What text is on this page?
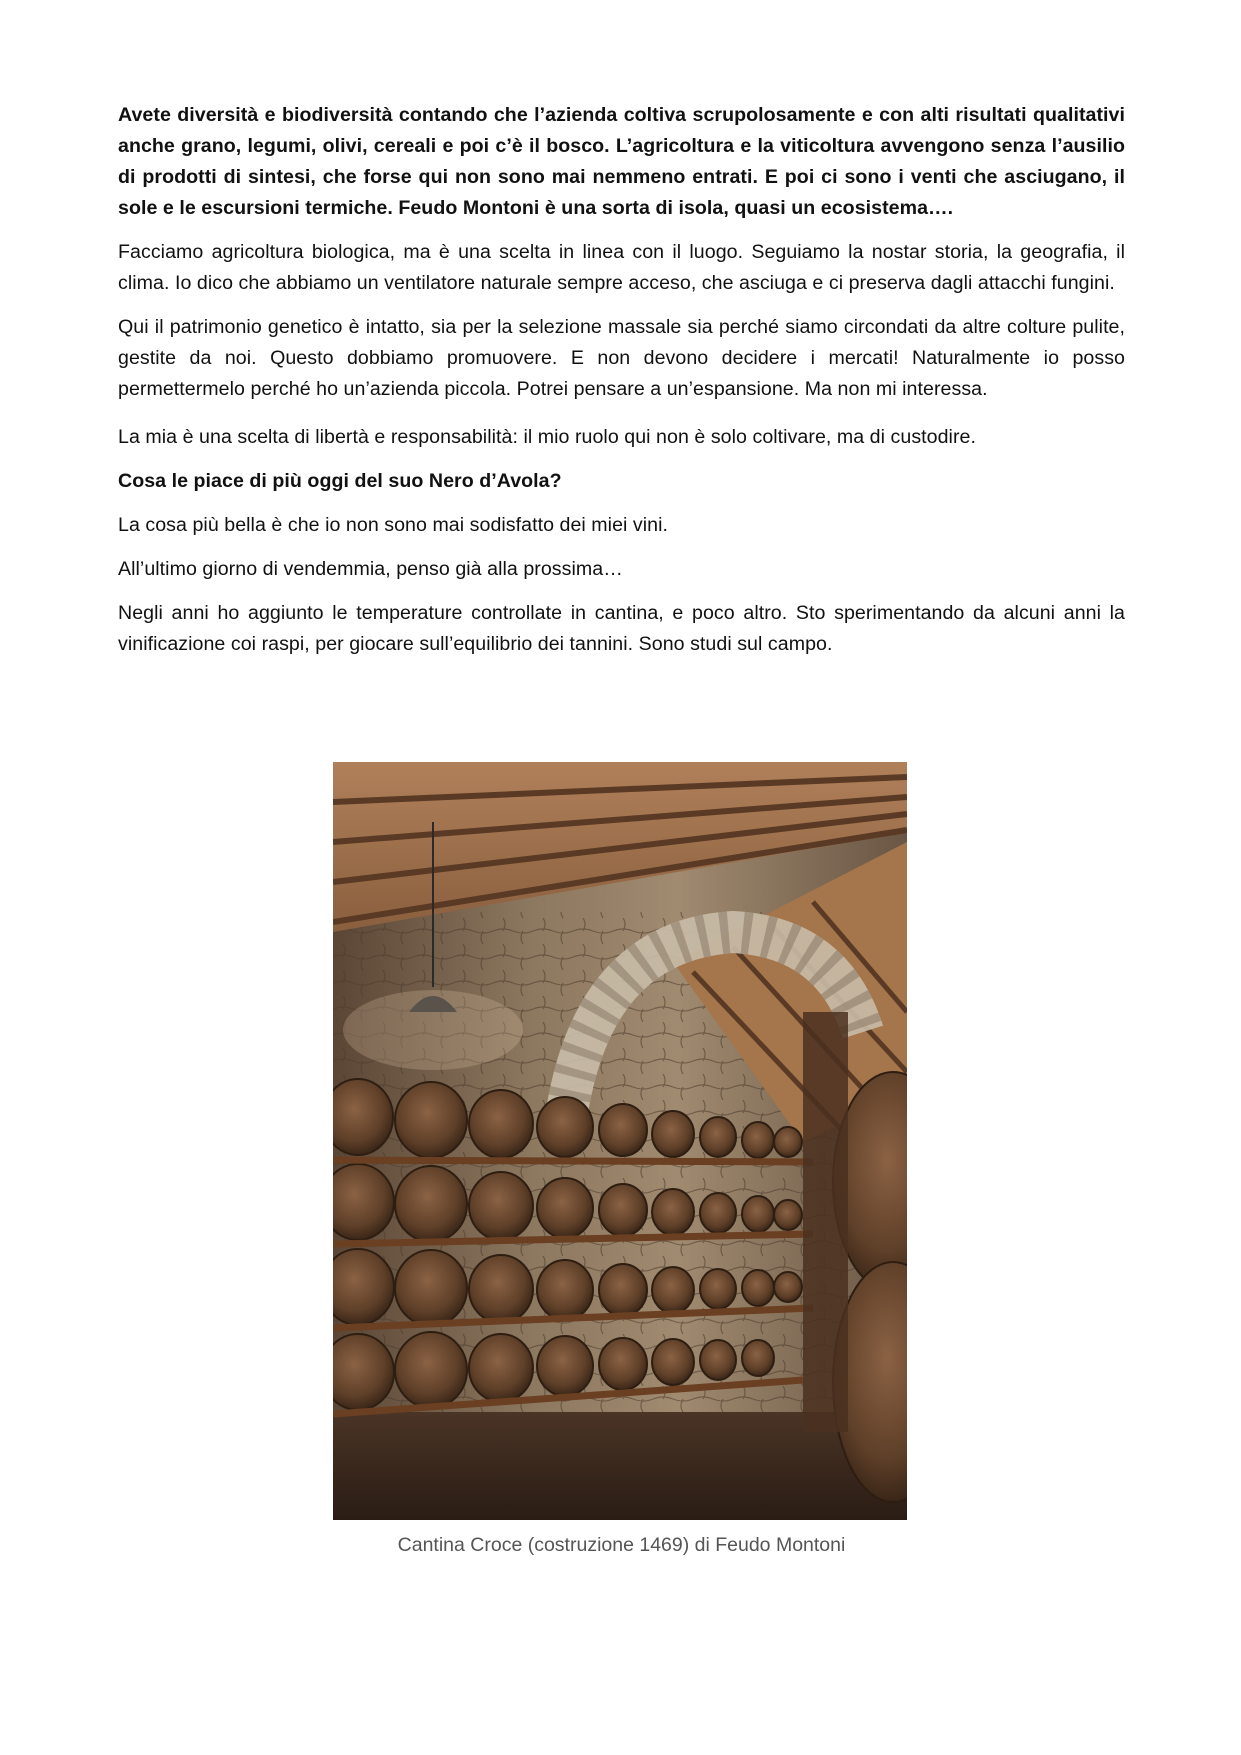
Avete diversità e biodiversità contando che l’azienda coltiva scrupolosamente e con alti risultati qualitativi anche grano, legumi, olivi, cereali e poi c’è il bosco. L’agricoltura e la viticoltura avvengono senza l’ausilio di prodotti di sintesi, che forse qui non sono mai nemmeno entrati. E poi ci sono i venti che asciugano, il sole e le escursioni termiche. Feudo Montoni è una sorta di isola, quasi un ecosistema….

Facciamo agricoltura biologica, ma è una scelta in linea con il luogo. Seguiamo la nostar storia, la geografia, il clima. Io dico che abbiamo un ventilatore naturale sempre acceso, che asciuga e ci preserva dagli attacchi fungini.

Qui il patrimonio genetico è intatto, sia per la selezione massale sia perché siamo circondati da altre colture pulite, gestite da noi. Questo dobbiamo promuovere. E non devono decidere i mercati! Naturalmente io posso permettermelo perché ho un’azienda piccola. Potrei pensare a un’espansione. Ma non mi interessa.

La mia è una scelta di libertà e responsabilità: il mio ruolo qui non è solo coltivare, ma di custodire.

Cosa le piace di più oggi del suo Nero d’Avola?

La cosa più bella è che io non sono mai sodisfatto dei miei vini.

All’ultimo giorno di vendemmia, penso già alla prossima…

Negli anni ho aggiunto le temperature controllate in cantina, e poco altro. Sto sperimentando da alcuni anni la vinificazione coi raspi, per giocare sull’equilibrio dei tannini. Sono studi sul campo.

Cantina Croce (costruzione 1469) di Feudo Montoni
